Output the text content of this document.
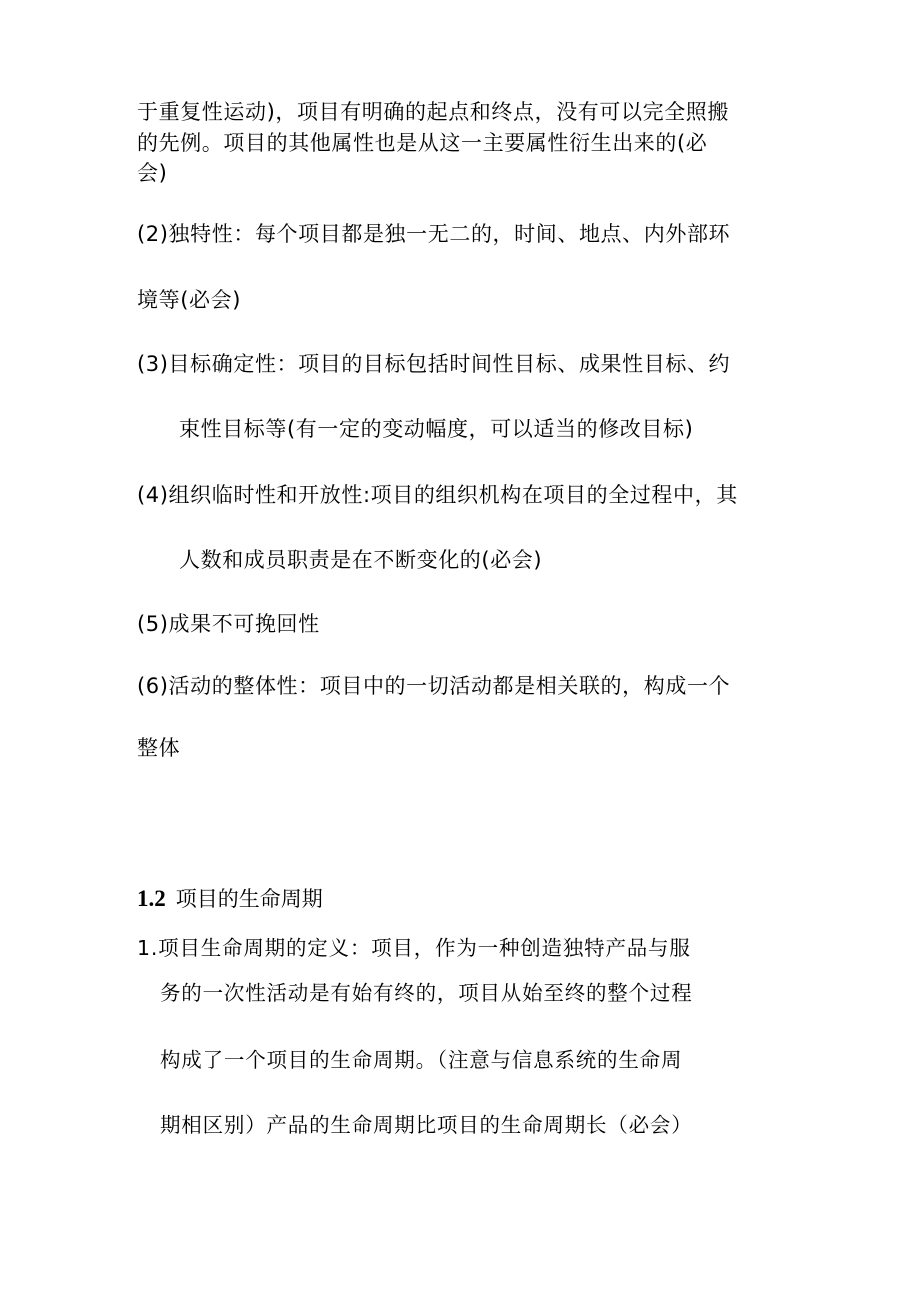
于重复性运动)，项目有明确的起点和终点，没有可以完全照搬
的先例。项目的其他属性也是从这一主要属性衍生出来的(必
会)
(2)独特性：每个项目都是独一无二的，时间、地点、内外部环
境等(必会)
(3)目标确定性：项目的目标包括时间性目标、成果性目标、约
束性目标等(有一定的变动幅度，可以适当的修改目标)
(4)组织临时性和开放性:项目的组织机构在项目的全过程中，其
人数和成员职责是在不断变化的(必会)
(5)成果不可挽回性
(6)活动的整体性：项目中的一切活动都是相关联的，构成一个
整体
1.2 项目的生命周期
1.项目生命周期的定义：项目，作为一种创造独特产品与服
务的一次性活动是有始有终的，项目从始至终的整个过程
构成了一个项目的生命周期。（注意与信息系统的生命周
期相区别）产品的生命周期比项目的生命周期长（必会）
